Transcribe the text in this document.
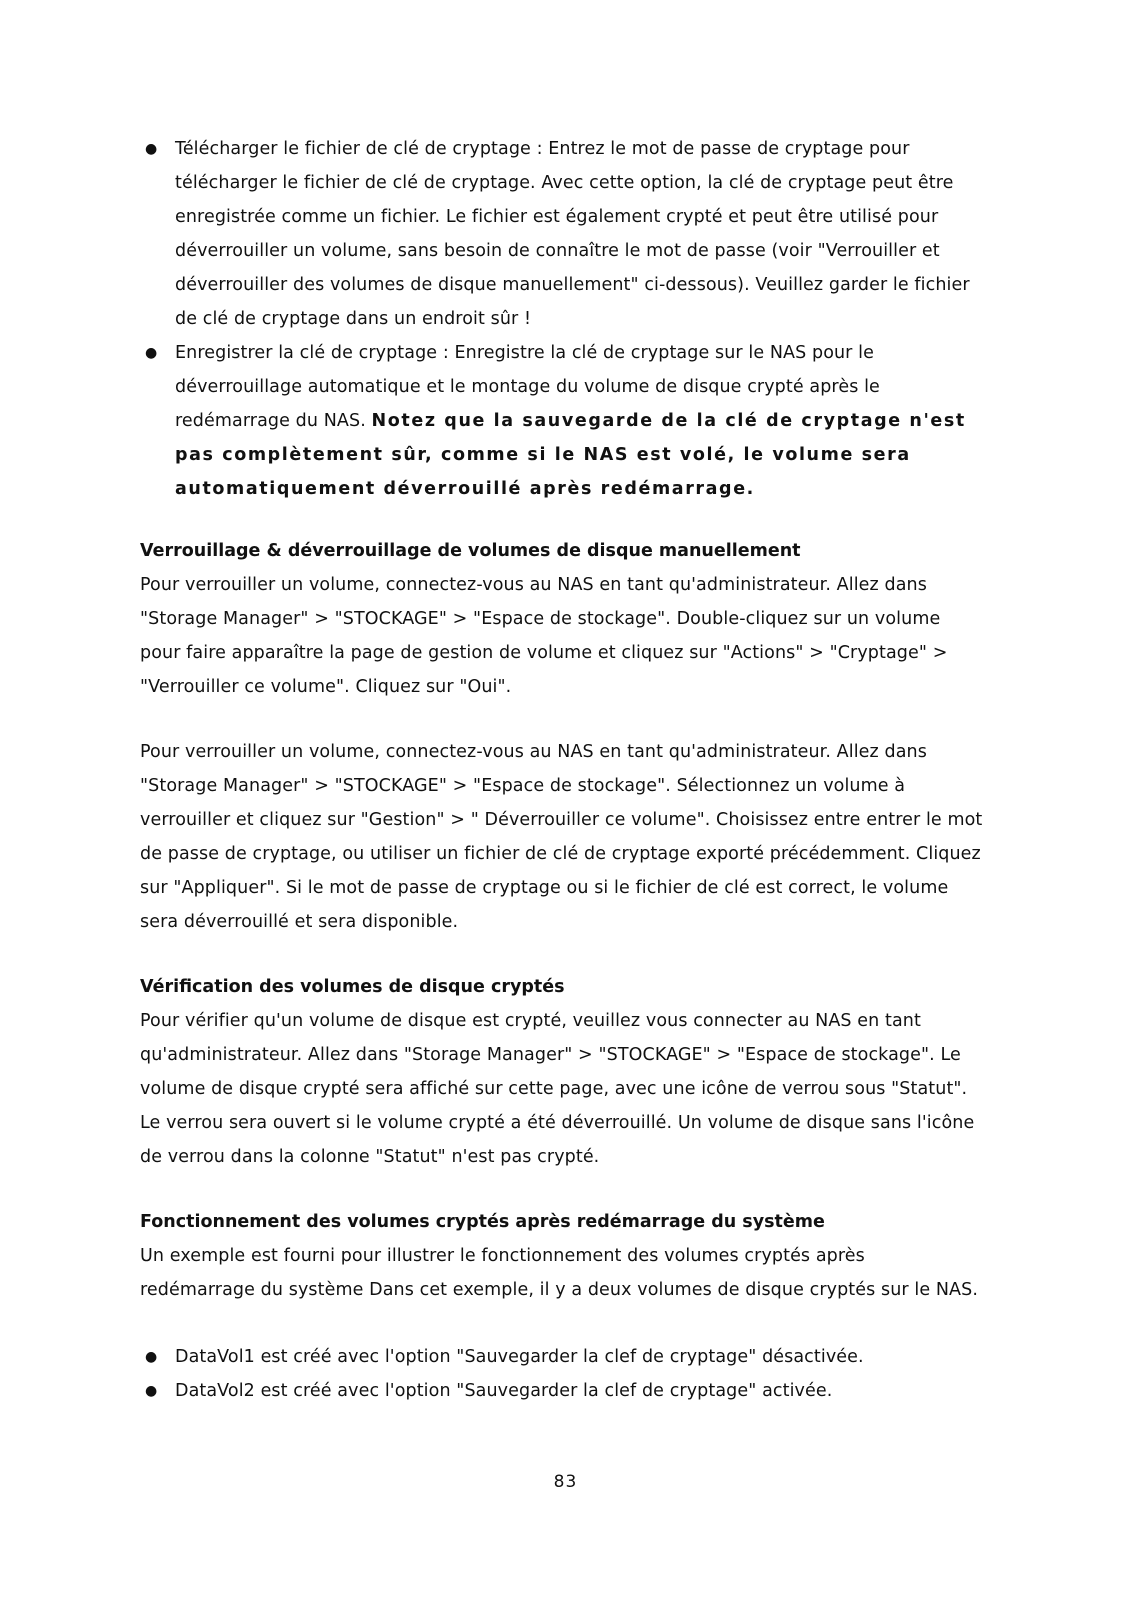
● Télécharger le fichier de clé de cryptage : Entrez le mot de passe de cryptage pour télécharger le fichier de clé de cryptage. Avec cette option, la clé de cryptage peut être enregistrée comme un fichier. Le fichier est également crypté et peut être utilisé pour déverrouiller un volume, sans besoin de connaître le mot de passe (voir "Verrouiller et déverrouiller des volumes de disque manuellement" ci-dessous). Veuillez garder le fichier de clé de cryptage dans un endroit sûr !
● Enregistrer la clé de cryptage : Enregistre la clé de cryptage sur le NAS pour le déverrouillage automatique et le montage du volume de disque crypté après le redémarrage du NAS. Notez que la sauvegarde de la clé de cryptage n'est pas complètement sûr, comme si le NAS est volé, le volume sera automatiquement déverrouillé après redémarrage.
Verrouillage & déverrouillage de volumes de disque manuellement

Pour verrouiller un volume, connectez-vous au NAS en tant qu'administrateur. Allez dans "Storage Manager" > "STOCKAGE" > "Espace de stockage". Double-cliquez sur un volume pour faire apparaître la page de gestion de volume et cliquez sur "Actions" > "Cryptage" > "Verrouiller ce volume". Cliquez sur "Oui".

Pour verrouiller un volume, connectez-vous au NAS en tant qu'administrateur. Allez dans "Storage Manager" > "STOCKAGE" > "Espace de stockage". Sélectionnez un volume à verrouiller et cliquez sur "Gestion" > " Déverrouiller ce volume". Choisissez entre entrer le mot de passe de cryptage, ou utiliser un fichier de clé de cryptage exporté précédemment. Cliquez sur "Appliquer". Si le mot de passe de cryptage ou si le fichier de clé est correct, le volume sera déverrouillé et sera disponible.

Vérification des volumes de disque cryptés

Pour vérifier qu'un volume de disque est crypté, veuillez vous connecter au NAS en tant qu'administrateur. Allez dans "Storage Manager" > "STOCKAGE" > "Espace de stockage". Le volume de disque crypté sera affiché sur cette page, avec une icône de verrou sous "Statut". Le verrou sera ouvert si le volume crypté a été déverrouillé. Un volume de disque sans l'icône de verrou dans la colonne "Statut" n'est pas crypté.

Fonctionnement des volumes cryptés après redémarrage du système

Un exemple est fourni pour illustrer le fonctionnement des volumes cryptés après redémarrage du système Dans cet exemple, il y a deux volumes de disque cryptés sur le NAS.

● DataVol1 est créé avec l'option "Sauvegarder la clef de cryptage" désactivée.
● DataVol2 est créé avec l'option "Sauvegarder la clef de cryptage" activée.
83
